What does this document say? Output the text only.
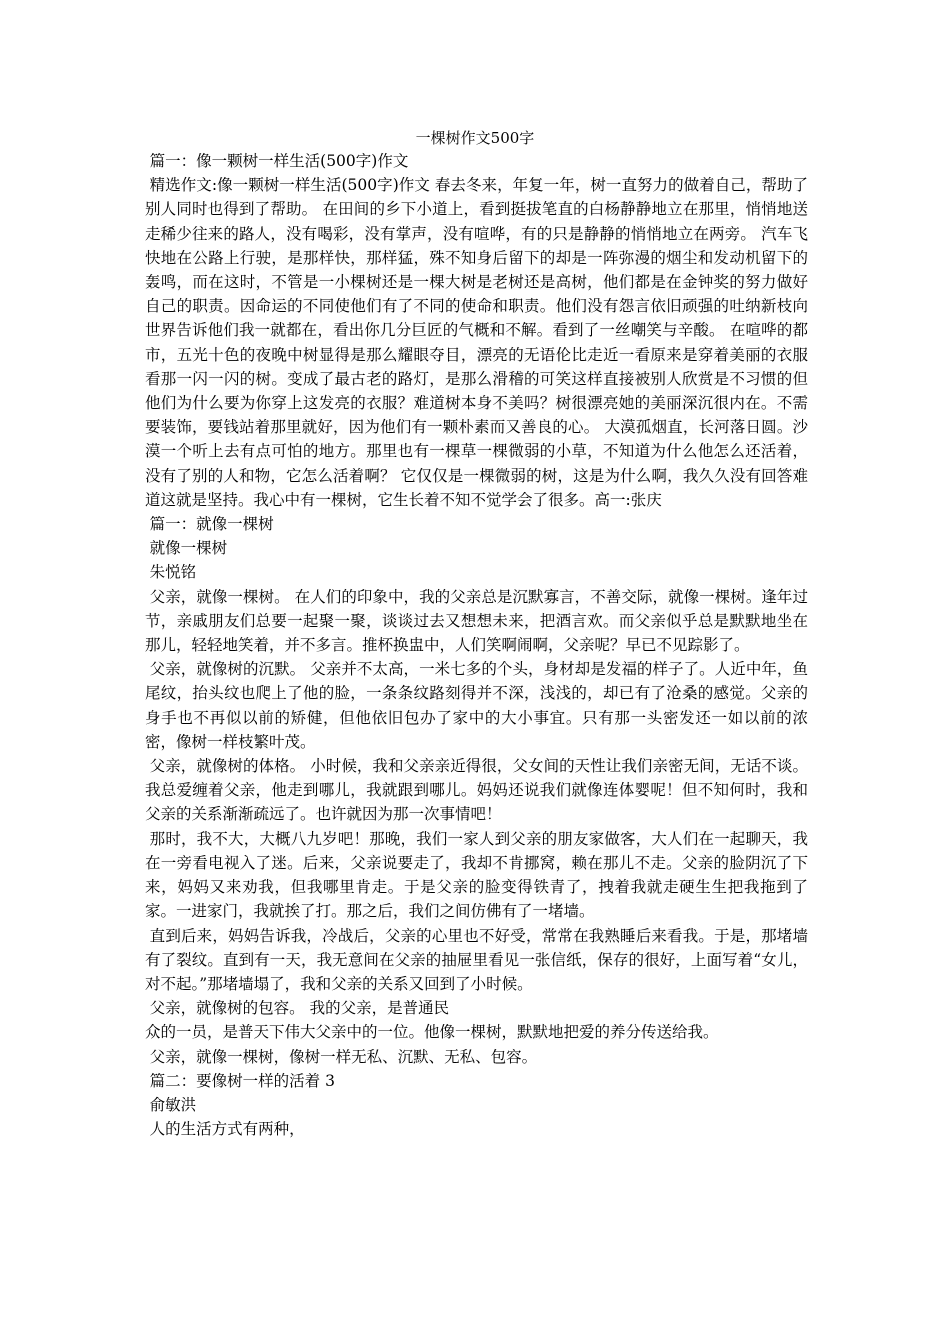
一棵树作文500字

篇一：像一颗树一样生活(500字)作文

精选作文:像一颗树一样生活(500字)作文 春去冬来，年复一年，树一直努力的做着自己，帮助了别人同时也得到了帮助。 在田间的乡下小道上，看到挺拔笔直的白杨静静地立在那里，悄悄地送走稀少往来的路人，没有喝彩，没有掌声，没有喧哗，有的只是静静的悄悄地立在两旁。 汽车飞快地在公路上行驶，是那样快，那样猛，殊不知身后留下的却是一阵弥漫的烟尘和发动机留下的轰鸣，而在这时，不管是一小棵树还是一棵大树是老树还是高树，他们都是在金钟奖的努力做好自己的职责。因命运的不同使他们有了不同的使命和职责。他们没有怨言依旧顽强的吐纳新枝向世界告诉他们我一就都在，看出你几分巨匠的气概和不解。看到了一丝嘲笑与辛酸。 在喧哗的都市，五光十色的夜晚中树显得是那么耀眼夺目，漂亮的无语伦比走近一看原来是穿着美丽的衣服看那一闪一闪的树。变成了最古老的路灯，是那么滑稽的可笑这样直接被别人欣赏是不习惯的但他们为什么要为你穿上这发亮的衣服？难道树本身不美吗？树很漂亮她的美丽深沉很内在。不需要装饰，要钱站着那里就好，因为他们有一颗朴素而又善良的心。 大漠孤烟直，长河落日圆。沙漠一个听上去有点可怕的地方。那里也有一棵草一棵微弱的小草，不知道为什么他怎么还活着，没有了别的人和物，它怎么活着啊？ 它仅仅是一棵微弱的树，这是为什么啊，我久久没有回答难道这就是坚持。我心中有一棵树，它生长着不知不觉学会了很多。高一:张庆

篇一：就像一棵树

就像一棵树

朱悦铭

父亲，就像一棵树。 在人们的印象中，我的父亲总是沉默寡言，不善交际，就像一棵树。逢年过节，亲戚朋友们总要一起聚一聚，谈谈过去又想想未来，把酒言欢。而父亲似乎总是默默地坐在那儿，轻轻地笑着，并不多言。推杯换盅中，人们笑啊闹啊，父亲呢？早已不见踪影了。

父亲，就像树的沉默。 父亲并不太高，一米七多的个头，身材却是发福的样子了。人近中年，鱼尾纹，抬头纹也爬上了他的脸，一条条纹路刻得并不深，浅浅的，却已有了沧桑的感觉。父亲的身手也不再似以前的矫健，但他依旧包办了家中的大小事宜。只有那一头密发还一如以前的浓密，像树一样枝繁叶茂。

父亲，就像树的体格。 小时候，我和父亲亲近得很，父女间的天性让我们亲密无间，无话不谈。我总爱缠着父亲，他走到哪儿，我就跟到哪儿。妈妈还说我们就像连体婴呢！但不知何时，我和父亲的关系渐渐疏远了。也许就因为那一次事情吧！

那时，我不大，大概八九岁吧！那晚，我们一家人到父亲的朋友家做客，大人们在一起聊天，我在一旁看电视入了迷。后来，父亲说要走了，我却不肯挪窝，赖在那儿不走。父亲的脸阴沉了下来，妈妈又来劝我，但我哪里肯走。于是父亲的脸变得铁青了，拽着我就走硬生生把我拖到了家。一进家门，我就挨了打。那之后，我们之间仿佛有了一堵墙。

直到后来，妈妈告诉我，冷战后，父亲的心里也不好受，常常在我熟睡后来看我。于是，那堵墙有了裂纹。直到有一天，我无意间在父亲的抽屉里看见一张信纸，保存的很好，上面写着“女儿，对不起。”那堵墙塌了，我和父亲的关系又回到了小时候。

父亲，就像树的包容。 我的父亲，是普通民

众的一员，是普天下伟大父亲中的一位。他像一棵树，默默地把爱的养分传送给我。

父亲，就像一棵树，像树一样无私、沉默、无私、包容。

篇二：要像树一样的活着 3

俞敏洪

人的生活方式有两种，
